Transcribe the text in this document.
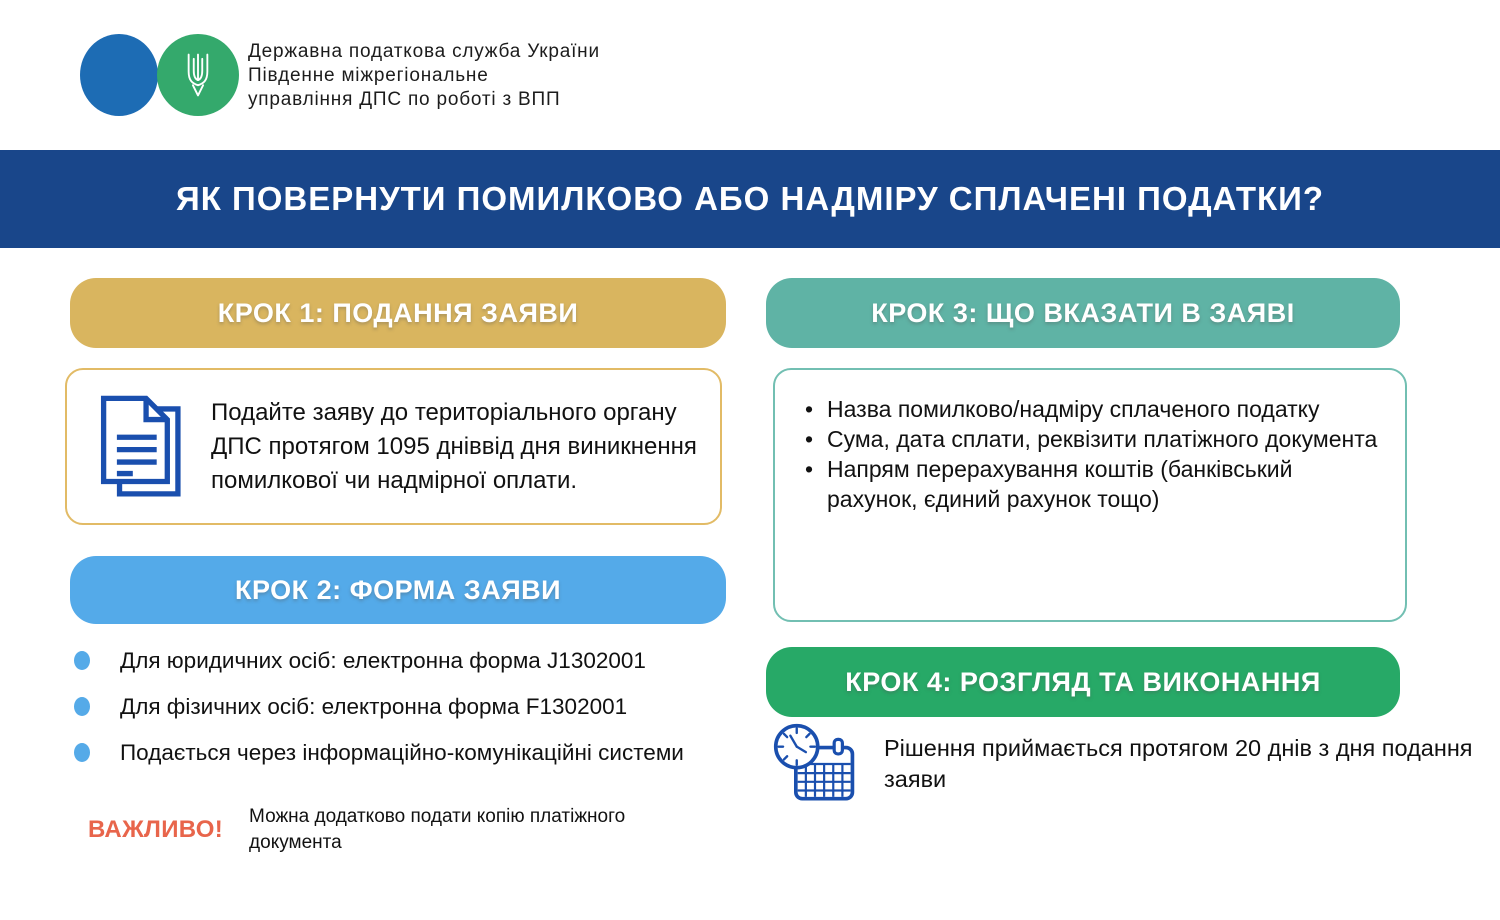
Державна податкова служба України
Південне міжрегіональне
управління ДПС по роботі з ВПП
ЯК ПОВЕРНУТИ ПОМИЛКОВО АБО НАДМІРУ СПЛАЧЕНІ ПОДАТКИ?
КРОК 1: ПОДАННЯ ЗАЯВИ

Подайте заяву до територіального органу ДПС протягом 1095 дніввід дня виникнення помилкової чи надмірної оплати.

КРОК 2: ФОРМА ЗАЯВИ
Для юридичних осіб: електронна форма J1302001
Для фізичних осіб: електронна форма F1302001
Подається через інформаційно-комунікаційні системи
ВАЖЛИВО! Можна додатково подати копію платіжного документа
КРОК 3: ЩО ВКАЗАТИ В ЗАЯВІ
• Назва помилково/надміру сплаченого податку
• Сума, дата сплати, реквізити платіжного документа
• Напрям перерахування коштів (банківський рахунок, єдиний рахунок тощо)
КРОК 4: РОЗГЛЯД ТА ВИКОНАННЯ

Рішення приймається протягом 20 днів з дня подання заяви
